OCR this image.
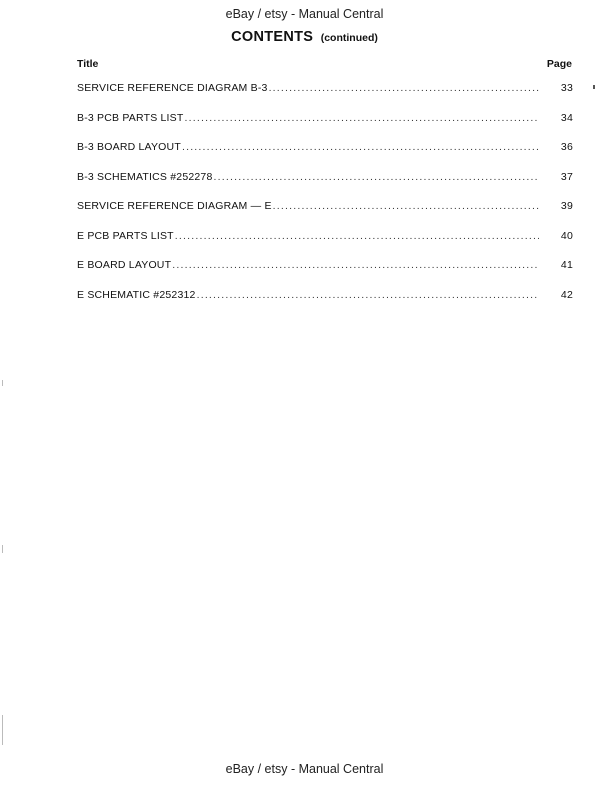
eBay / etsy - Manual Central
CONTENTS (continued)
Title	Page
SERVICE REFERENCE DIAGRAM B-3 .....	33
B-3 PCB PARTS LIST .....	34
B-3 BOARD LAYOUT .....	36
B-3 SCHEMATICS #252278 .....	37
SERVICE REFERENCE DIAGRAM — E .....	39
E PCB PARTS LIST .....	40
E BOARD LAYOUT .....	41
E SCHEMATIC #252312 .....	42
eBay / etsy - Manual Central
